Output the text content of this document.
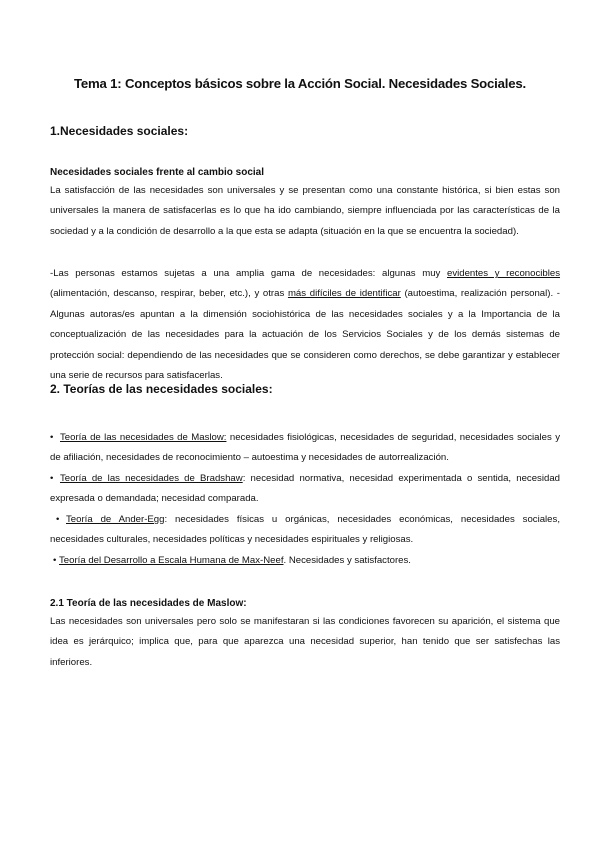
Tema 1: Conceptos básicos sobre la Acción Social. Necesidades Sociales.
1.Necesidades sociales:
Necesidades sociales frente al cambio social
La satisfacción de las necesidades son universales y se presentan como una constante histórica, si bien estas son universales la manera de satisfacerlas es lo que ha ido cambiando, siempre influenciada por las características de la sociedad y a la condición de desarrollo a la que esta se adapta (situación en la que se encuentra la sociedad).
-Las personas estamos sujetas a una amplia gama de necesidades: algunas muy evidentes y reconocibles (alimentación, descanso, respirar, beber, etc.), y otras más difíciles de identificar (autoestima, realización personal). -Algunas autoras/es apuntan a la dimensión sociohistórica de las necesidades sociales y a la Importancia de la conceptualización de las necesidades para la actuación de los Servicios Sociales y de los demás sistemas de protección social: dependiendo de las necesidades que se consideren como derechos, se debe garantizar y establecer una serie de recursos para satisfacerlas.
2. Teorías de las necesidades sociales:
• Teoría de las necesidades de Maslow: necesidades fisiológicas, necesidades de seguridad, necesidades sociales y de afiliación, necesidades de reconocimiento – autoestima y necesidades de autorrealización.
• Teoría de las necesidades de Bradshaw: necesidad normativa, necesidad experimentada o sentida, necesidad expresada o demandada; necesidad comparada.
• Teoría de Ander-Egg: necesidades físicas u orgánicas, necesidades económicas, necesidades sociales, necesidades culturales, necesidades políticas y necesidades espirituales y religiosas.
• Teoría del Desarrollo a Escala Humana de Max-Neef. Necesidades y satisfactores.
2.1 Teoría de las necesidades de Maslow:
Las necesidades son universales pero solo se manifestaran si las condiciones favorecen su aparición, el sistema que idea es jerárquico; implica que, para que aparezca una necesidad superior, han tenido que ser satisfechas las inferiores.
